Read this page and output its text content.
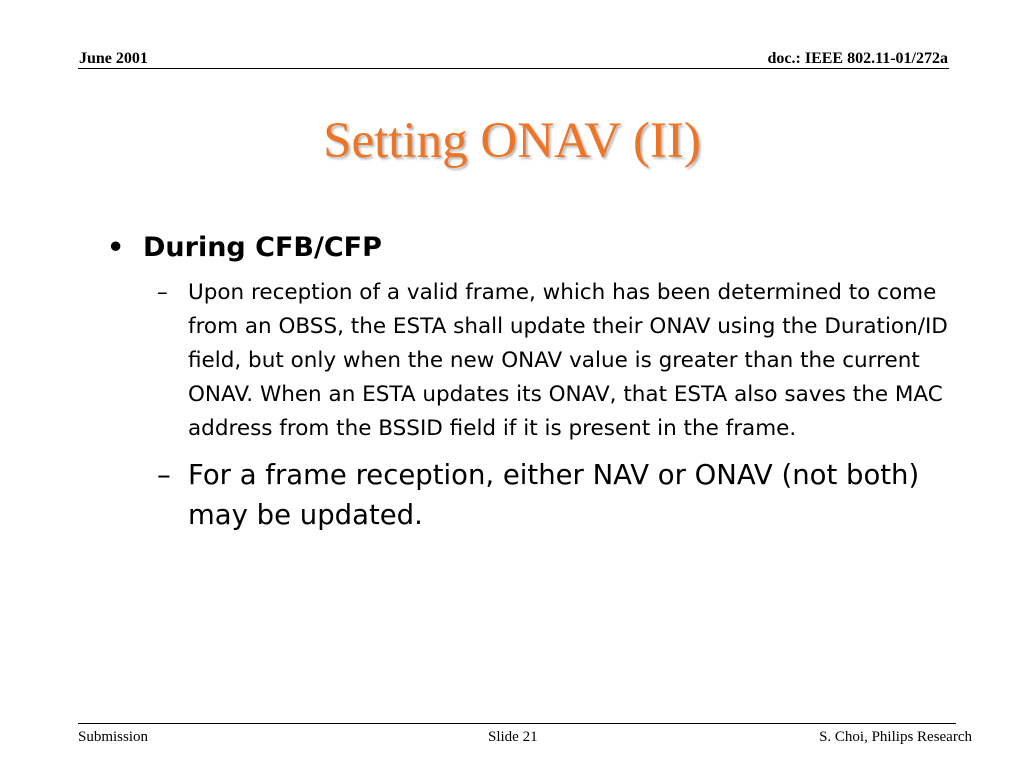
June 2001	doc.: IEEE 802.11-01/272a
Setting ONAV (II)
• During CFB/CFP
– Upon reception of a valid frame, which has been determined to come from an OBSS, the ESTA shall update their ONAV using the Duration/ID field, but only when the new ONAV value is greater than the current ONAV. When an ESTA updates its ONAV, that ESTA also saves the MAC address from the BSSID field if it is present in the frame.
– For a frame reception, either NAV or ONAV (not both) may be updated.
Submission	Slide 21	S. Choi, Philips Research
